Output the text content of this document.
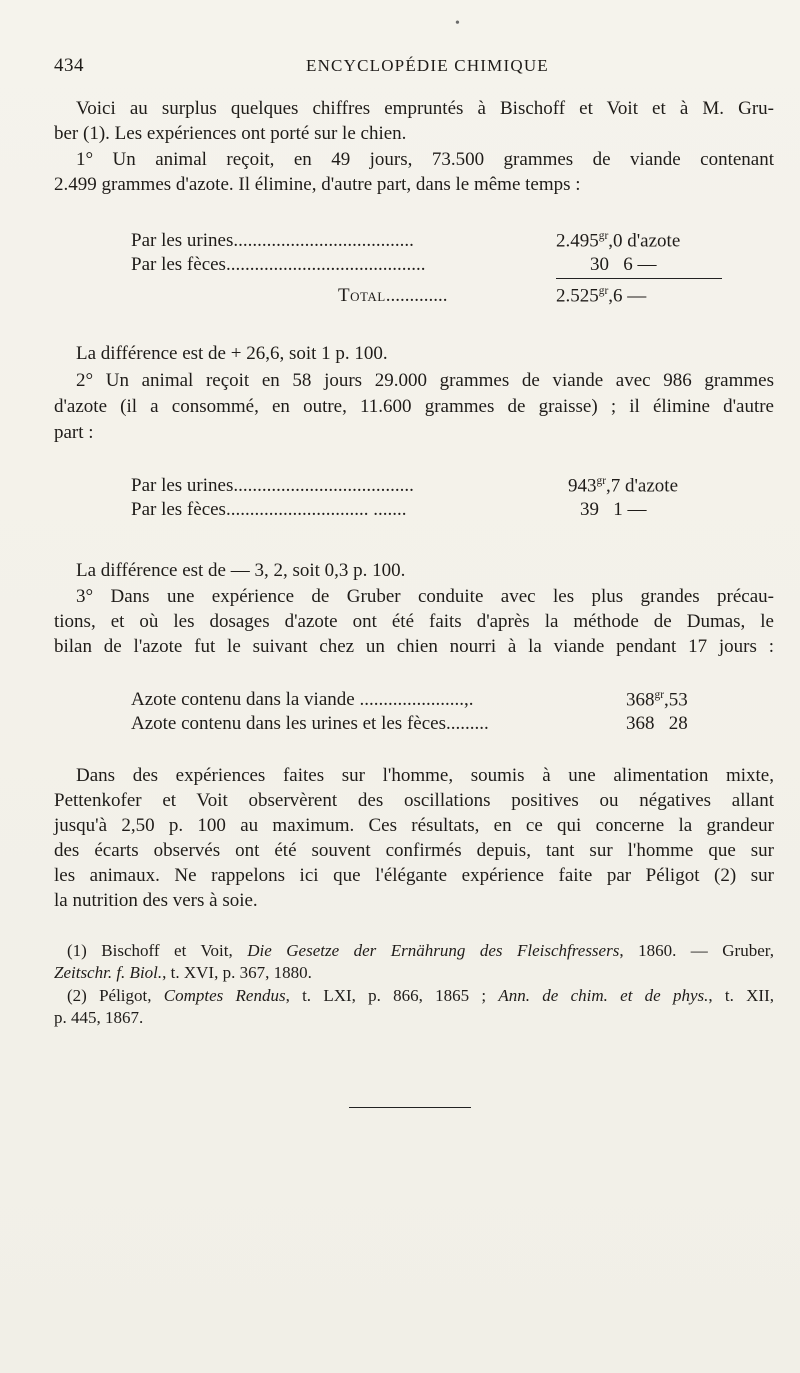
•
434	ENCYCLOPÉDIE CHIMIQUE
Voici au surplus quelques chiffres empruntés à Bischoff et Voit et à M. Gru-
ber (1). Les expériences ont porté sur le chien.
1° Un animal reçoit, en 49 jours, 73.500 grammes de viande contenant
2.499 grammes d'azote. Il élimine, d'autre part, dans le même temps :
Par les urines......................................	$2.495^{gr},0$ d'azote
Par les fèces..........................................	30 6 —
Total.............	$2.525^{gr},6$ —
La différence est de + 26,6, soit 1 p. 100.
2° Un animal reçoit en 58 jours 29.000 grammes de viande avec 986 grammes
d'azote (il a consommé, en outre, 11.600 grammes de graisse) ; il élimine d'autre
part :
Par les urines......................................	$943^{gr},7$ d'azote
Par les fèces.............................. .......	39 1 —
La différence est de — 3, 2, soit 0,3 p. 100.
3° Dans une expérience de Gruber conduite avec les plus grandes précau-
tions, et où les dosages d'azote ont été faits d'après la méthode de Dumas, le
bilan de l'azote fut le suivant chez un chien nourri à la viande pendant 17 jours :
Azote contenu dans la viande ......................,.	$368^{gr},53$
Azote contenu dans les urines et les fèces.........	368 28
Dans des expériences faites sur l'homme, soumis à une alimentation mixte,
Pettenkofer et Voit observèrent des oscillations positives ou négatives allant
jusqu'à 2,50 p. 100 au maximum. Ces résultats, en ce qui concerne la grandeur
des écarts observés ont été souvent confirmés depuis, tant sur l'homme que sur
les animaux. Ne rappelons ici que l'élégante expérience faite par Péligot (2) sur
la nutrition des vers à soie.
(1) Bischoff et Voit, Die Gesetze der Ernährung des Fleischfressers, 1860. — Gruber,
Zeitschr. f. Biol., t. XVI, p. 367, 1880.
(2) Péligot, Comptes Rendus, t. LXI, p. 866, 1865 ; Ann. de chim. et de phys., t. XII,
p. 445, 1867.
